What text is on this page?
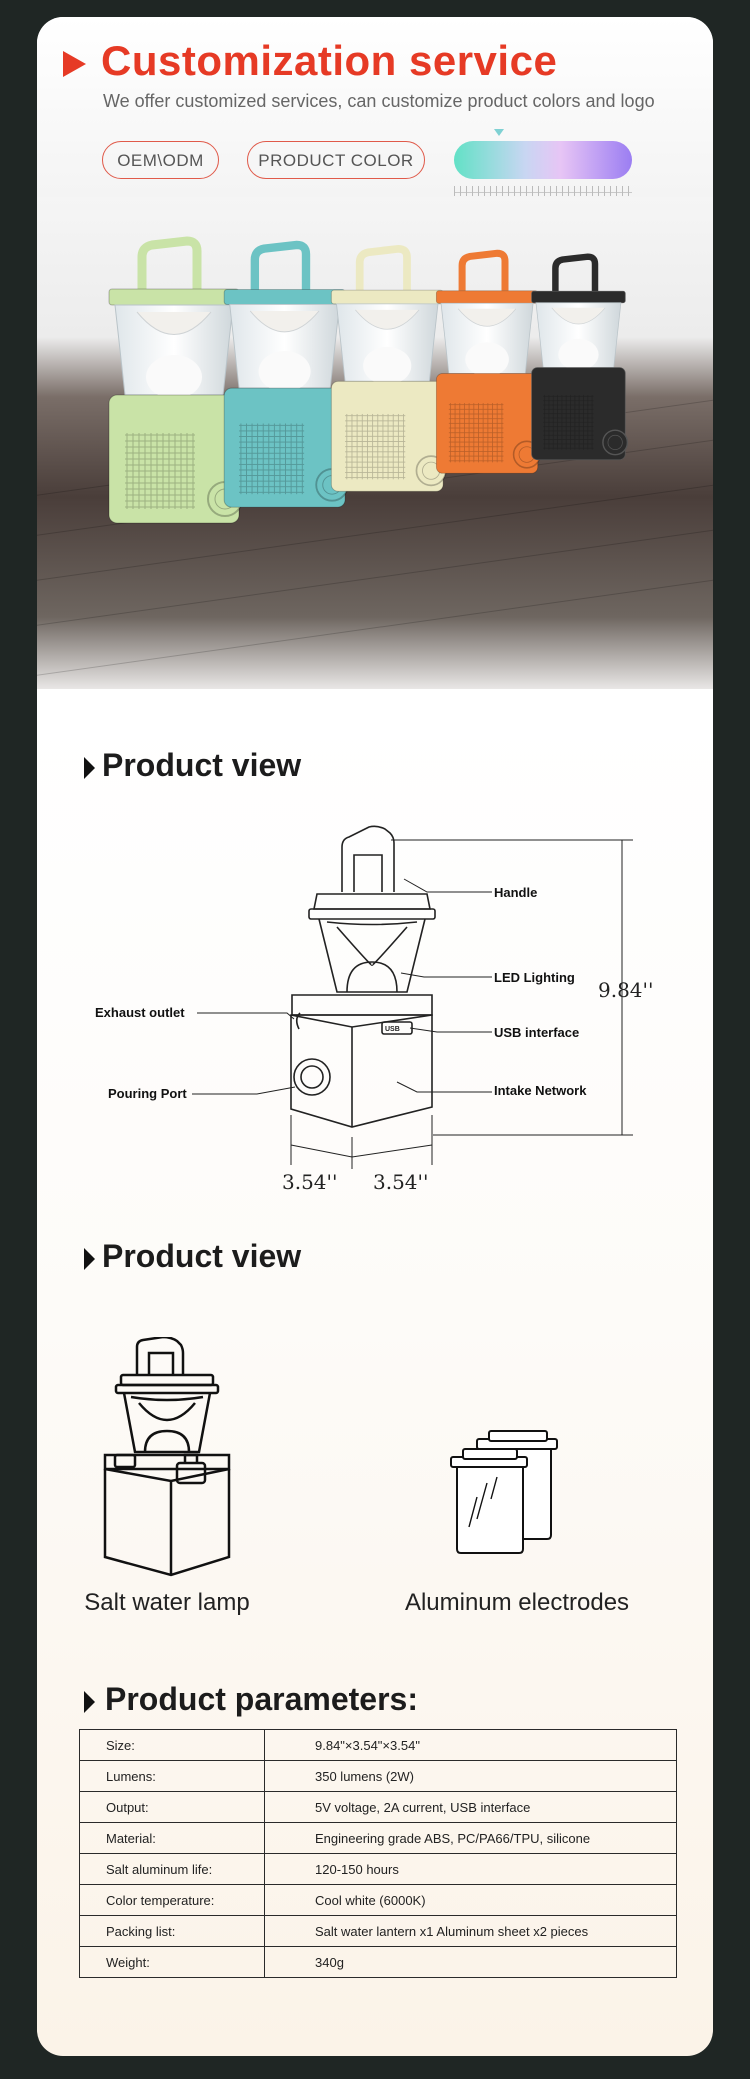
Customization service
We offer customized services, can customize product colors and logo
OEM\ODM	PRODUCT COLOR
Product view
Handle
LED Lighting
USB interface
Intake Network
Exhaust outlet
Pouring Port
USB
9.84''
3.54'' 3.54''
Product view
Salt water lamp	Aluminum electrodes
Product parameters:
Size:	9.84"×3.54"×3.54"
Lumens:	350 lumens (2W)
Output:	5V voltage, 2A current, USB interface
Material:	Engineering grade ABS, PC/PA66/TPU, silicone
Salt aluminum life:	120-150 hours
Color temperature:	Cool white (6000K)
Packing list:	Salt water lantern x1 Aluminum sheet x2 pieces
Weight:	340g
